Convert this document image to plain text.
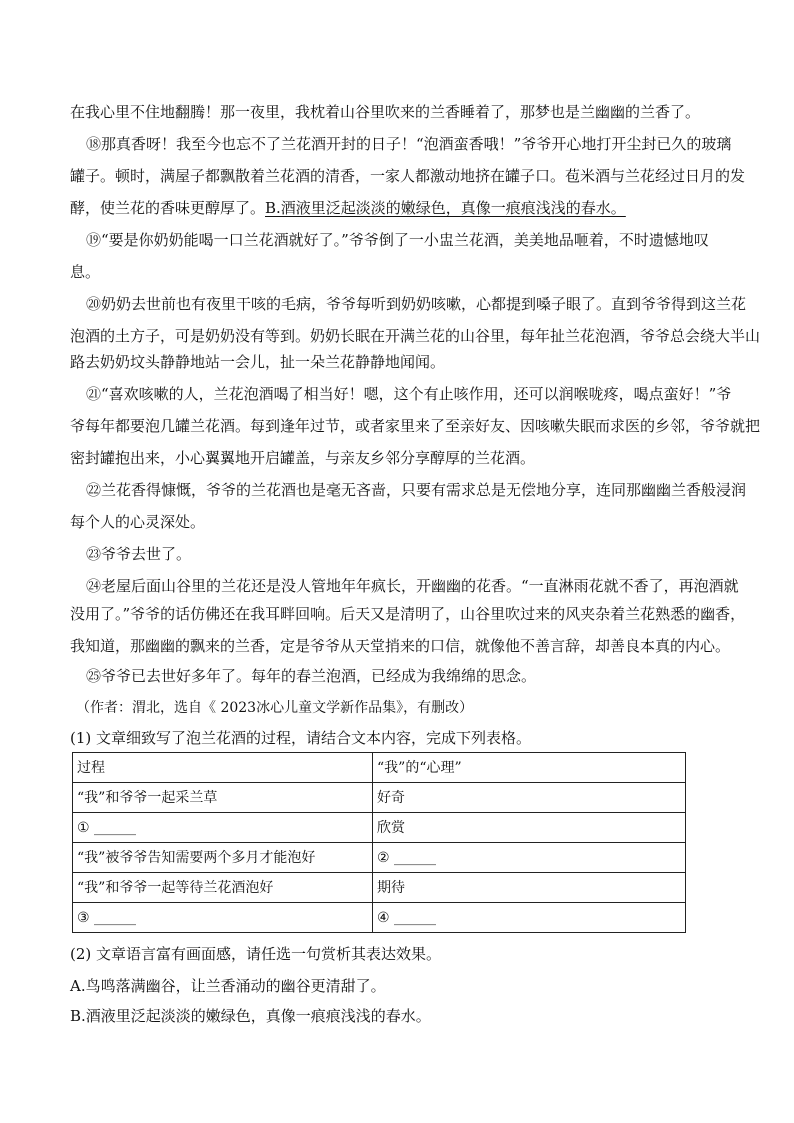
在我心里不住地翻腾！那一夜里，我枕着山谷里吹来的兰香睡着了，那梦也是兰幽幽的兰香了。
⑱那真香呀！我至今也忘不了兰花酒开封的日子！“泡酒蛮香哦！”爷爷开心地打开尘封已久的玻璃
罐子。顿时，满屋子都飘散着兰花酒的清香，一家人都激动地挤在罐子口。苞米酒与兰花经过日月的发
酵，使兰花的香味更醇厚了。B.酒液里泛起淡淡的嫩绿色，真像一痕痕浅浅的春水。
⑲“要是你奶奶能喝一口兰花酒就好了。”爷爷倒了一小盅兰花酒，美美地品咂着，不时遗憾地叹
息。
⑳奶奶去世前也有夜里干咳的毛病，爷爷每听到奶奶咳嗽，心都提到嗓子眼了。直到爷爷得到这兰花
泡酒的土方子，可是奶奶没有等到。奶奶长眠在开满兰花的山谷里，每年扯兰花泡酒，爷爷总会绕大半山
路去奶奶坟头静静地站一会儿，扯一朵兰花静静地闻闻。
㉑“喜欢咳嗽的人，兰花泡酒喝了相当好！嗯，这个有止咳作用，还可以润喉咙疼，喝点蛮好！”爷
爷每年都要泡几罐兰花酒。每到逢年过节，或者家里来了至亲好友、因咳嗽失眠而求医的乡邻，爷爷就把
密封罐抱出来，小心翼翼地开启罐盖，与亲友乡邻分享醇厚的兰花酒。
㉒兰花香得慷慨，爷爷的兰花酒也是毫无吝啬，只要有需求总是无偿地分享，连同那幽幽兰香般浸润
每个人的心灵深处。
㉓爷爷去世了。
㉔老屋后面山谷里的兰花还是没人管地年年疯长，开幽幽的花香。“一直淋雨花就不香了，再泡酒就
没用了。”爷爷的话仿佛还在我耳畔回响。后天又是清明了，山谷里吹过来的风夹杂着兰花熟悉的幽香，
我知道，那幽幽的飘来的兰香，定是爷爷从天堂捎来的口信，就像他不善言辞，却善良本真的内心。
㉕爷爷已去世好多年了。每年的春兰泡酒，已经成为我绵绵的思念。
（作者：渭北，选自《 2023冰心儿童文学新作品集》，有删改）
(1) 文章细致写了泡兰花酒的过程，请结合文本内容，完成下列表格。
过程	“我”的“心理”
“我”和爷爷一起采兰草	好奇
① ______	欣赏
“我”被爷爷告知需要两个多月才能泡好	② ______
“我”和爷爷一起等待兰花酒泡好	期待
③ ______	④ ______
(2) 文章语言富有画面感，请任选一句赏析其表达效果。
A.鸟鸣落满幽谷，让兰香涌动的幽谷更清甜了。
B.酒液里泛起淡淡的嫩绿色，真像一痕痕浅浅的春水。
